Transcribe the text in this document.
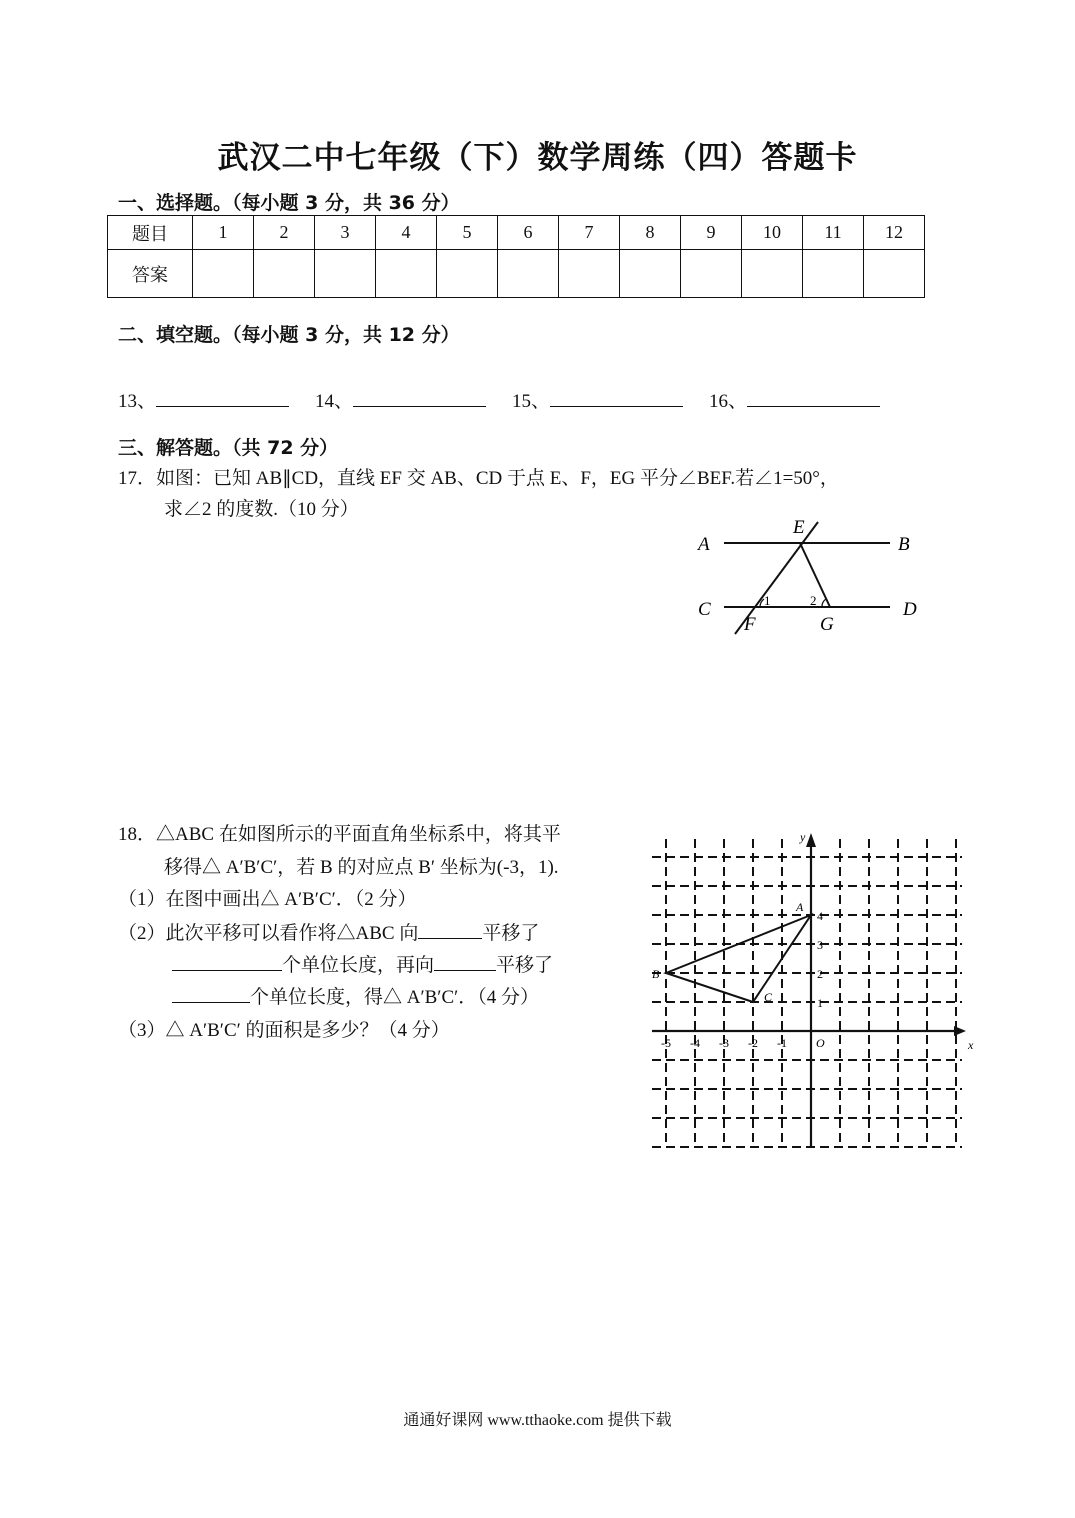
武汉二中七年级（下）数学周练（四）答题卡
一、选择题。（每小题 3 分，共 36 分）
题目	1	2	3	4	5	6	7	8	9	10	11	12
答案												
二、填空题。（每小题 3 分，共 12 分）
13、	14、	15、	16、
三、解答题。（共 72 分）
17．如图：已知 AB∥CD，直线 EF 交 AB、CD 于点 E、F，EG 平分∠BEF.若∠1=50°，
求∠2 的度数.（10 分）
A	B
C	D
E
F	G
1	2
18．△ABC 在如图所示的平面直角坐标系中，将其平
移得△ A′B′C′，若 B 的对应点 B′ 坐标为(-3，1).
（1）在图中画出△ A′B′C′．（2 分）
（2）此次平移可以看作将△ABC 向	平移了
个单位长度，再向	平移了
个单位长度，得△ A′B′C′．（4 分）
（3）△ A′B′C′ 的面积是多少？（4 分）
x
y
O
-5 -4 -3 -2 -1
4
3
2
1
A
B
C
通通好课网 www.tthaoke.com 提供下载
